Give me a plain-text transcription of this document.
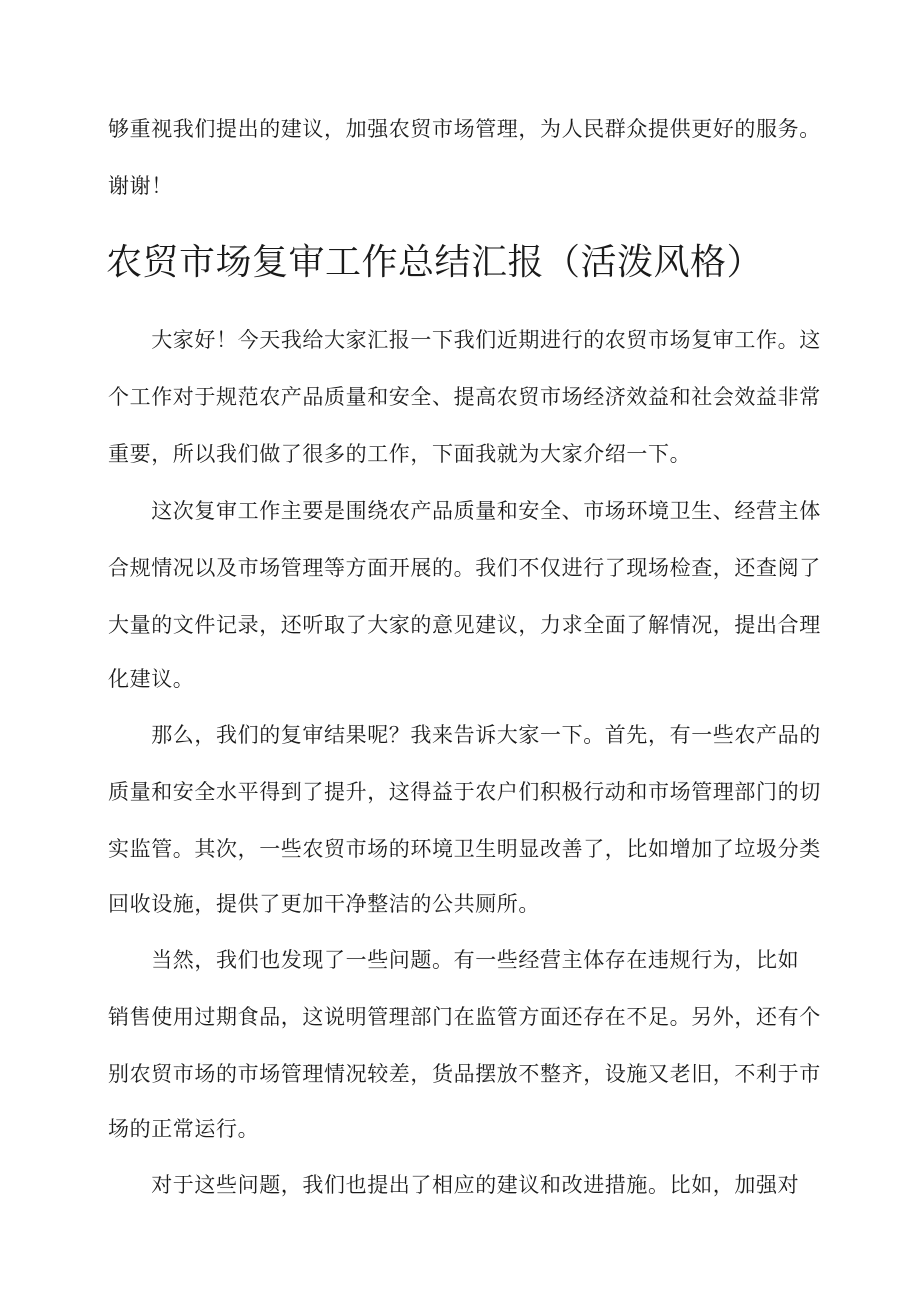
够重视我们提出的建议，加强农贸市场管理，为人民群众提供更好的服务。
谢谢！
农贸市场复审工作总结汇报（活泼风格）
　　大家好！今天我给大家汇报一下我们近期进行的农贸市场复审工作。这
个工作对于规范农产品质量和安全、提高农贸市场经济效益和社会效益非常
重要，所以我们做了很多的工作，下面我就为大家介绍一下。
　　这次复审工作主要是围绕农产品质量和安全、市场环境卫生、经营主体
合规情况以及市场管理等方面开展的。我们不仅进行了现场检查，还查阅了
大量的文件记录，还听取了大家的意见建议，力求全面了解情况，提出合理
化建议。
　　那么，我们的复审结果呢？我来告诉大家一下。首先，有一些农产品的
质量和安全水平得到了提升，这得益于农户们积极行动和市场管理部门的切
实监管。其次，一些农贸市场的环境卫生明显改善了，比如增加了垃圾分类
回收设施，提供了更加干净整洁的公共厕所。
　　当然，我们也发现了一些问题。有一些经营主体存在违规行为，比如
销售使用过期食品，这说明管理部门在监管方面还存在不足。另外，还有个
别农贸市场的市场管理情况较差，货品摆放不整齐，设施又老旧，不利于市
场的正常运行。
　　对于这些问题，我们也提出了相应的建议和改进措施。比如，加强对
